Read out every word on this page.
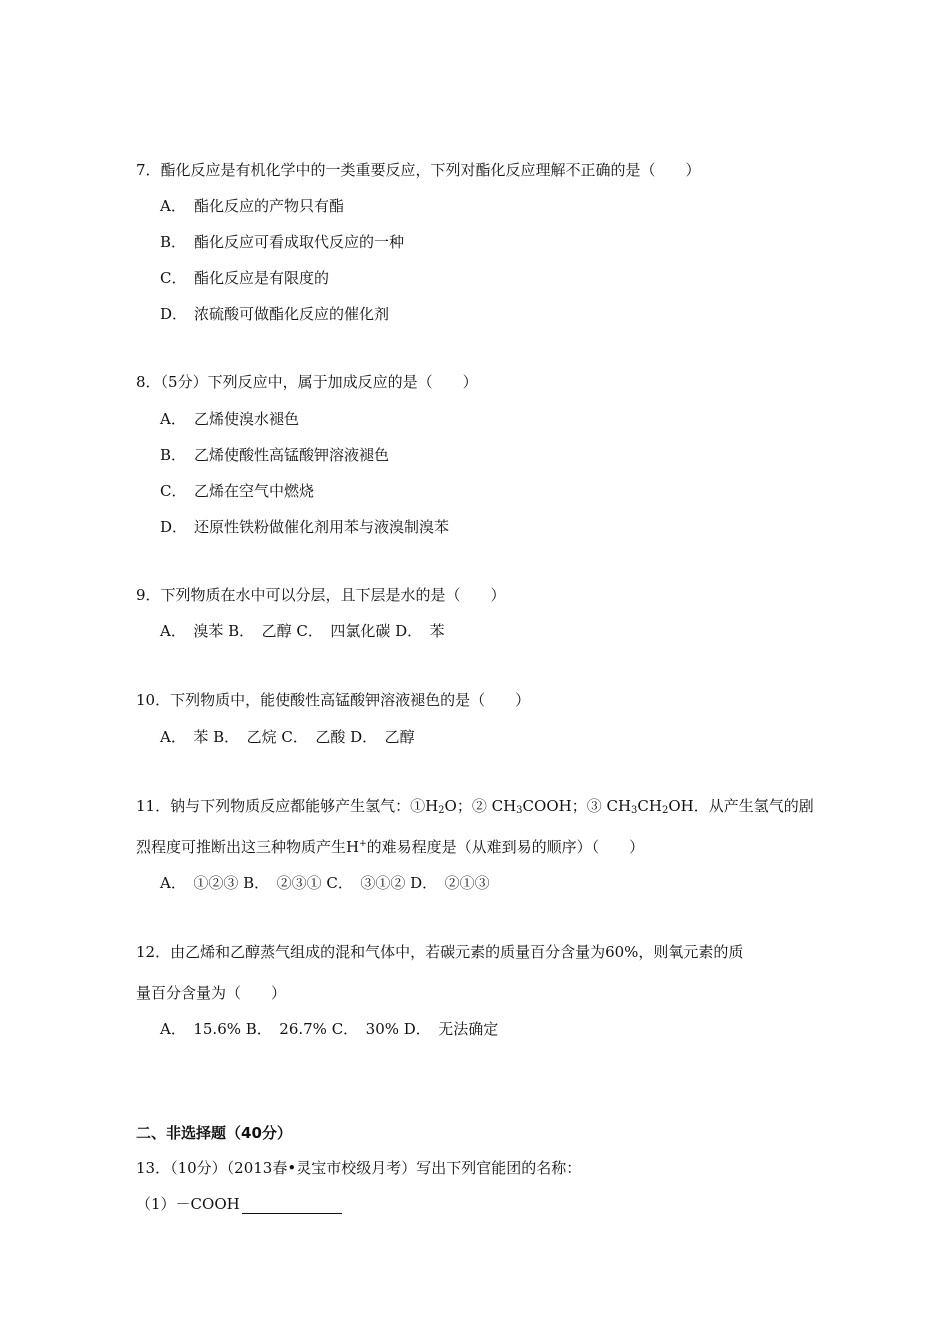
7．酯化反应是有机化学中的一类重要反应，下列对酯化反应理解不正确的是（　　）
A． 酯化反应的产物只有酯
B． 酯化反应可看成取代反应的一种
C． 酯化反应是有限度的
D． 浓硫酸可做酯化反应的催化剂
8．（5分）下列反应中，属于加成反应的是（　　）
A． 乙烯使溴水褪色
B． 乙烯使酸性高锰酸钾溶液褪色
C． 乙烯在空气中燃烧
D． 还原性铁粉做催化剂用苯与液溴制溴苯
9．下列物质在水中可以分层，且下层是水的是（　　）
A．　溴苯 B．　乙醇 C．　四氯化碳 D．　苯
10．下列物质中，能使酸性高锰酸钾溶液褪色的是（　　）
A．　苯 B．　乙烷 C．　乙酸 D．　乙醇
11．钠与下列物质反应都能够产生氢气：$①H_2O$；② $CH_3COOH$；③ $CH_3CH_2OH$．从产生氢气的剧
烈程度可推断出这三种物质产生H+的难易程度是（从难到易的顺序）（　　）
A．　①②③ B．　②③① C．　③①② D．　②①③
12．由乙烯和乙醇蒸气组成的混和气体中，若碳元素的质量百分含量为60%，则氧元素的质
量百分含量为（　　）
A．　15.6% B．　26.7% C．　30% D．　无法确定
二、非选择题（40分）
13．（10分）（2013春•灵宝市校级月考）写出下列官能团的名称：
（1）－COOH
